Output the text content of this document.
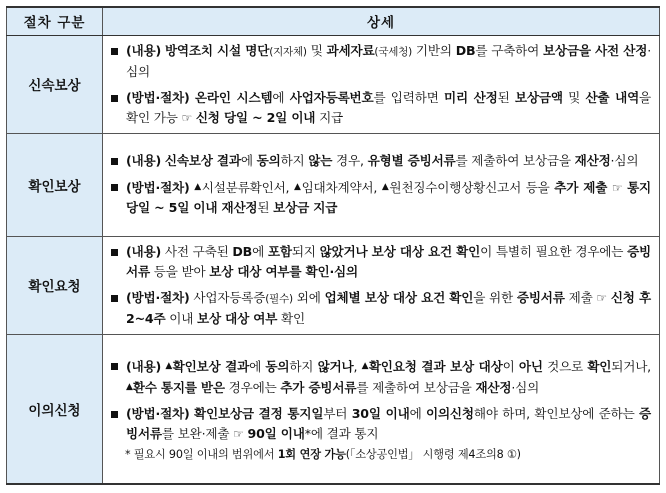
절차 구분	상세
신속보상	(내용) 방역조치 시설 명단(지자체) 및 과세자료(국세청) 기반의 DB를 구축하여 보상금을 사전 산정·심의
(방법·절차) 온라인 시스템에 사업자등록번호를 입력하면 미리 산정된 보상금액 및 산출 내역을 확인 가능 ☞ 신청 당일 ~ 2일 이내 지급

확인보상	(내용) 신속보상 결과에 동의하지 않는 경우, 유형별 증빙서류를 제출하여 보상금을 재산정·심의
(방법·절차) ▲시설분류확인서, ▲임대차계약서, ▲원천징수이행상황신고서 등을 추가 제출 ☞ 통지 당일 ~ 5일 이내 재산정된 보상금 지급

확인요청	(내용) 사전 구축된 DB에 포함되지 않았거나 보상 대상 요건 확인이 특별히 필요한 경우에는 증빙서류 등을 받아 보상 대상 여부를 확인·심의
(방법·절차) 사업자등록증(필수) 외에 업체별 보상 대상 요건 확인을 위한 증빙서류 제출 ☞ 신청 후 2~4주 이내 보상 대상 여부 확인

이의신청	(내용) ▲확인보상 결과에 동의하지 않거나, ▲확인요청 결과 보상 대상이 아닌 것으로 확인되거나, ▲환수 통지를 받은 경우에는 추가 증빙서류를 제출하여 보상금을 재산정·심의
(방법·절차) 확인보상금 결정 통지일부터 30일 이내에 이의신청해야 하며, 확인보상에 준하는 증빙서류를 보완·제출 ☞ 90일 이내*에 결과 통지
* 필요시 90일 이내의 범위에서 1회 연장 가능(「소상공인법」 시행령 제4조의8 ①)
